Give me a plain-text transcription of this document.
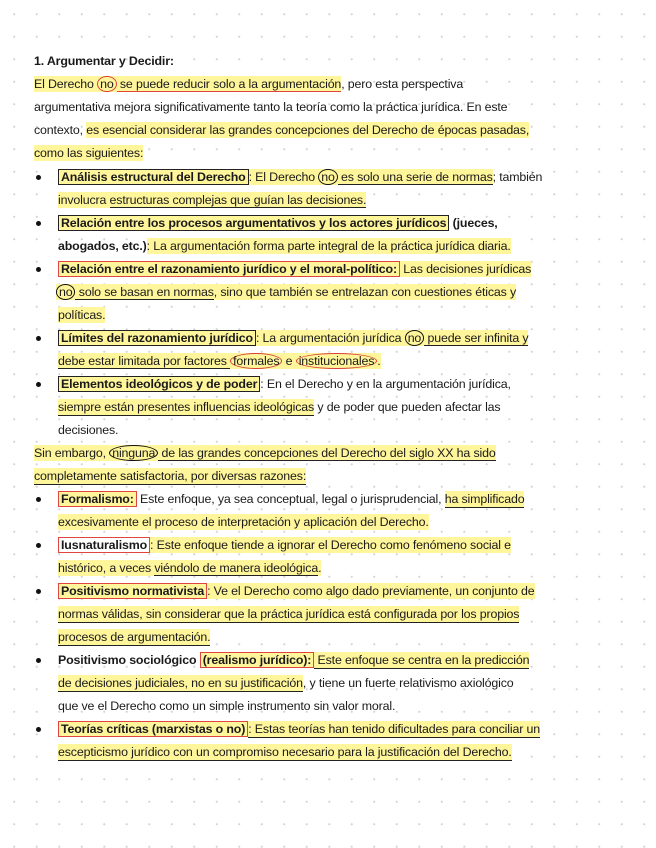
1. Argumentar y Decidir:
El Derecho no se puede reducir solo a la argumentación, pero esta perspectiva
argumentativa mejora significativamente tanto la teoría como la práctica jurídica. En este
contexto, es esencial considerar las grandes concepciones del Derecho de épocas pasadas,
como las siguientes:
Análisis estructural del Derecho : El Derecho no es solo una serie de normas; también
involucra estructuras complejas que guían las decisiones.
Relación entre los procesos argumentativos y los actores jurídicos (jueces,
abogados, etc.): La argumentación forma parte integral de la práctica jurídica diaria.
Relación entre el razonamiento jurídico y el moral-político: Las decisiones jurídicas
no solo se basan en normas, sino que también se entrelazan con cuestiones éticas y
políticas.
Límites del razonamiento jurídico : La argumentación jurídica no puede ser infinita y
debe estar limitada por factores formales e institucionales .
Elementos ideológicos y de poder : En el Derecho y en la argumentación jurídica,
siempre están presentes influencias ideológicas y de poder que pueden afectar las
decisiones.
Sin embargo, ninguna de las grandes concepciones del Derecho del siglo XX ha sido
completamente satisfactoria, por diversas razones:
Formalismo: Este enfoque, ya sea conceptual, legal o jurisprudencial, ha simplificado
excesivamente el proceso de interpretación y aplicación del Derecho.
Iusnaturalismo : Este enfoque tiende a ignorar el Derecho como fenómeno social e
histórico, a veces viéndolo de manera ideológica.
Positivismo normativista : Ve el Derecho como algo dado previamente, un conjunto de
normas válidas, sin considerar que la práctica jurídica está configurada por los propios
procesos de argumentación.
Positivismo sociológico (realismo jurídico): Este enfoque se centra en la predicción
de decisiones judiciales, no en su justificación, y tiene un fuerte relativismo axiológico
que ve el Derecho como un simple instrumento sin valor moral.
Teorías críticas (marxistas o no) : Estas teorías han tenido dificultades para conciliar un
escepticismo jurídico con un compromiso necesario para la justificación del Derecho.
